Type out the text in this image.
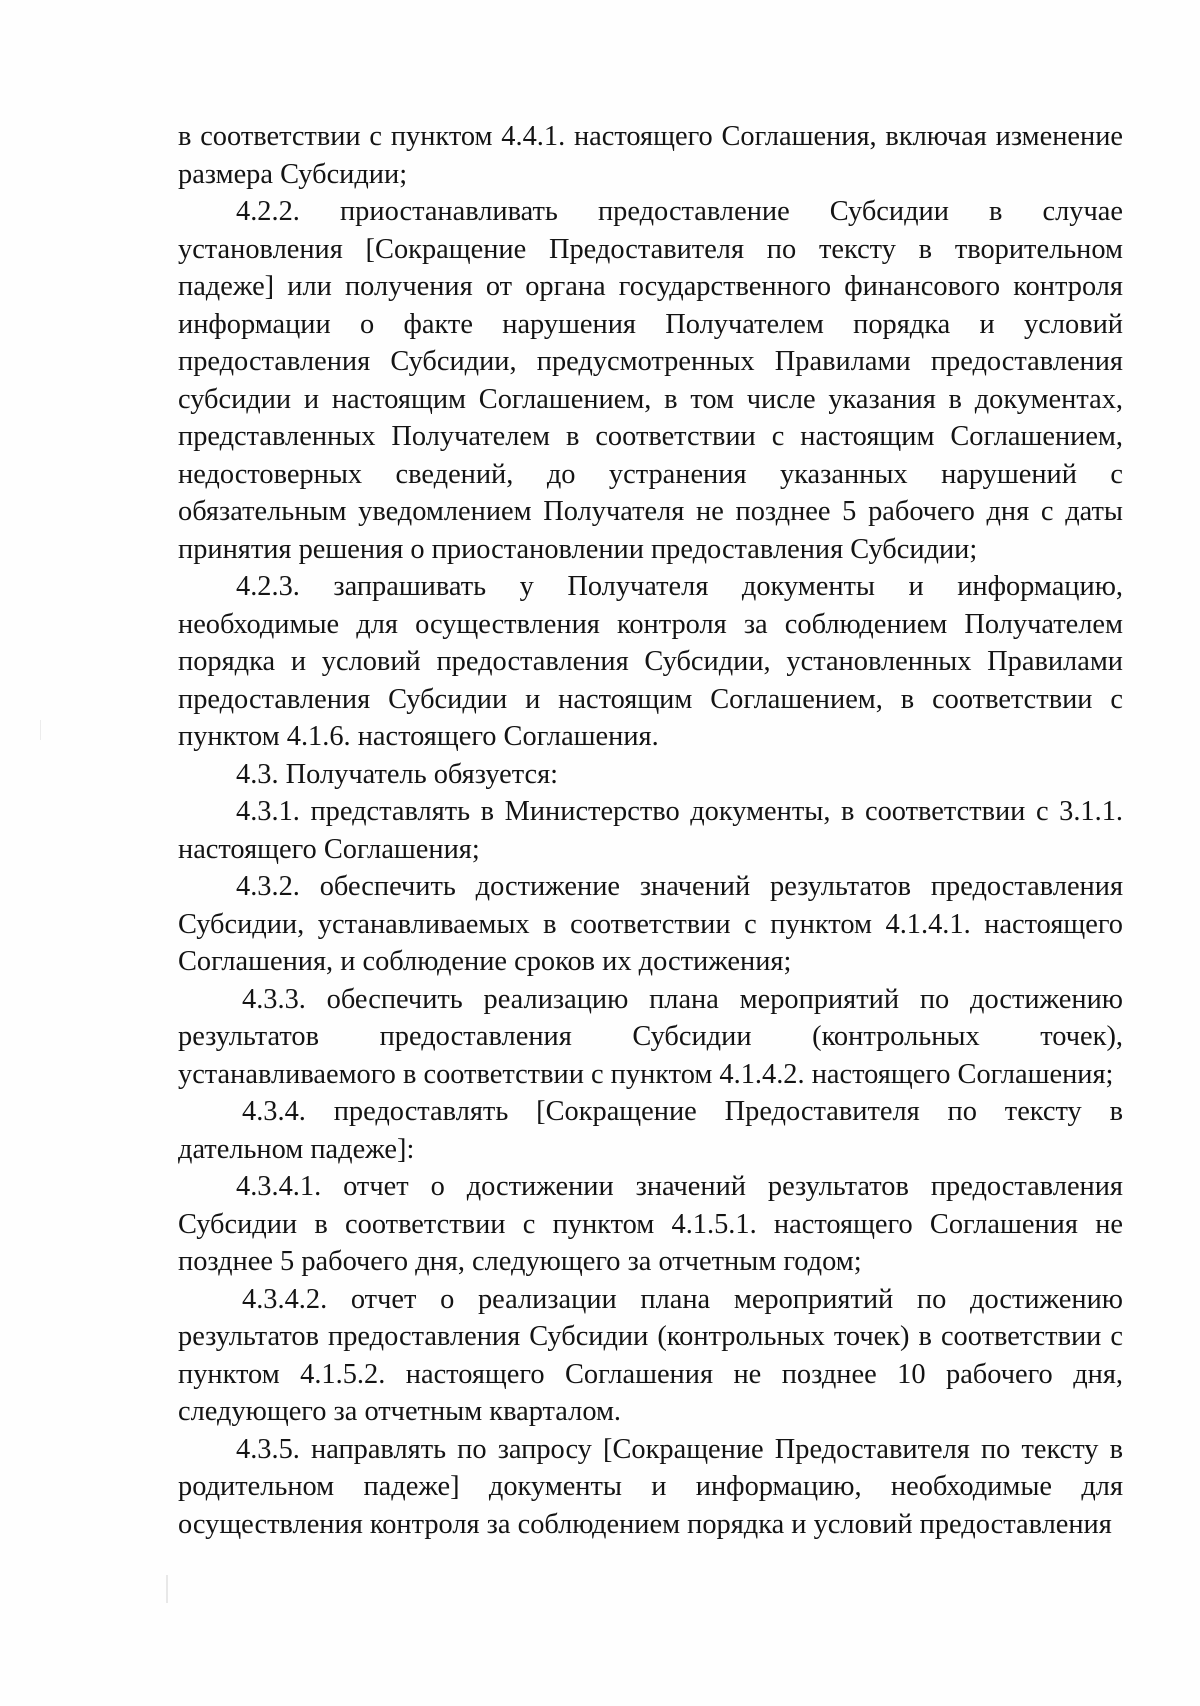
в соответствии с пунктом 4.4.1. настоящего Соглашения, включая изменение размера Субсидии;

4.2.2. приостанавливать предоставление Субсидии в случае установления [Сокращение Предоставителя по тексту в творительном падеже] или получения от органа государственного финансового контроля информации о факте нарушения Получателем порядка и условий предоставления Субсидии, предусмотренных Правилами предоставления субсидии и настоящим Соглашением, в том числе указания в документах, представленных Получателем в соответствии с настоящим Соглашением, недостоверных сведений, до устранения указанных нарушений с обязательным уведомлением Получателя не позднее 5 рабочего дня с даты принятия решения о приостановлении предоставления Субсидии;

4.2.3. запрашивать у Получателя документы и информацию, необходимые для осуществления контроля за соблюдением Получателем порядка и условий предоставления Субсидии, установленных Правилами предоставления Субсидии и настоящим Соглашением, в соответствии с пунктом 4.1.6. настоящего Соглашения.

4.3. Получатель обязуется:

4.3.1. представлять в Министерство документы, в соответствии с 3.1.1. настоящего Соглашения;

4.3.2. обеспечить достижение значений результатов предоставления Субсидии, устанавливаемых в соответствии с пунктом 4.1.4.1. настоящего Соглашения, и соблюдение сроков их достижения;

4.3.3. обеспечить реализацию плана мероприятий по достижению результатов предоставления Субсидии (контрольных точек), устанавливаемого в соответствии с пунктом 4.1.4.2. настоящего Соглашения;

4.3.4. предоставлять [Сокращение Предоставителя по тексту в дательном падеже]:

4.3.4.1. отчет о достижении значений результатов предоставления Субсидии в соответствии с пунктом 4.1.5.1. настоящего Соглашения не позднее 5 рабочего дня, следующего за отчетным годом;

4.3.4.2. отчет о реализации плана мероприятий по достижению результатов предоставления Субсидии (контрольных точек) в соответствии с пунктом 4.1.5.2. настоящего Соглашения не позднее 10 рабочего дня, следующего за отчетным кварталом.

4.3.5. направлять по запросу [Сокращение Предоставителя по тексту в родительном падеже] документы и информацию, необходимые для осуществления контроля за соблюдением порядка и условий предоставления
